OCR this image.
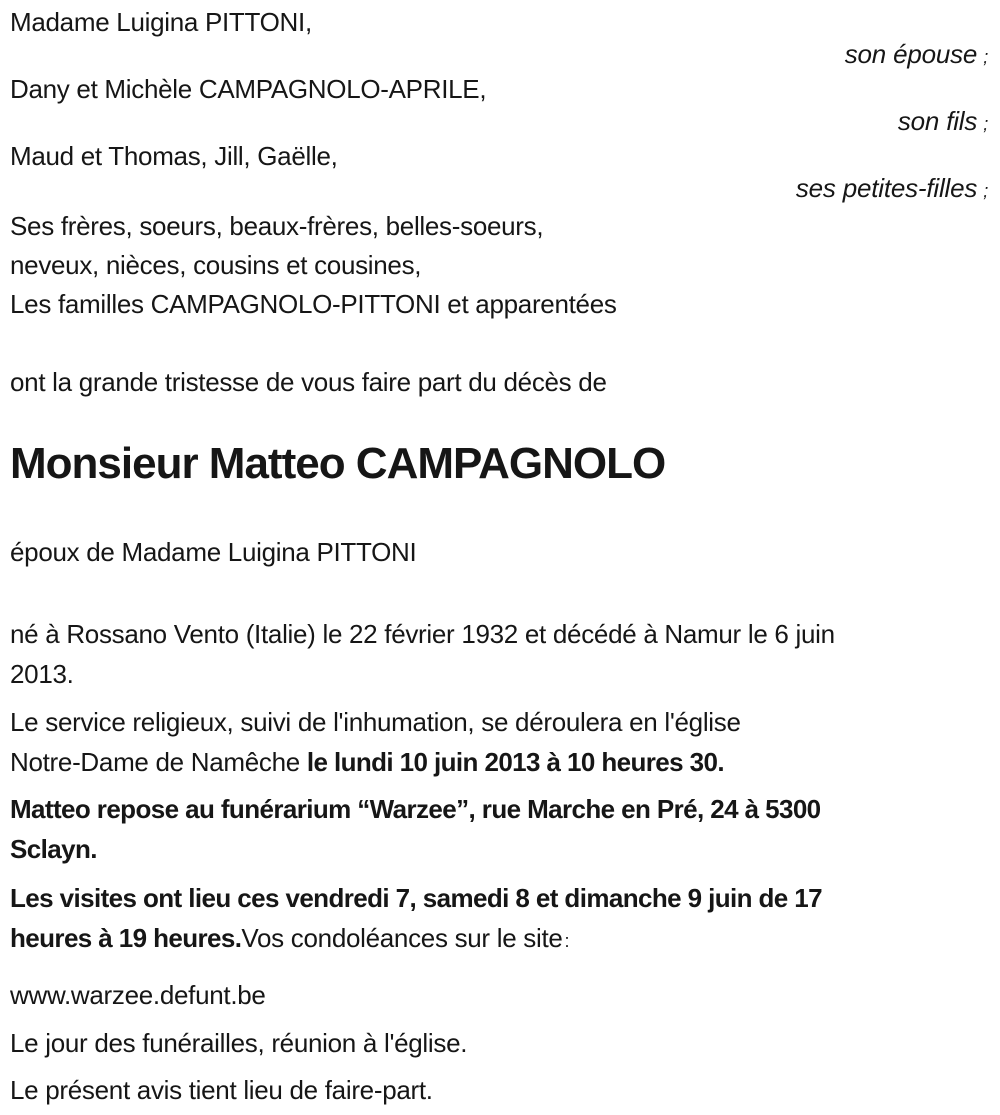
Madame Luigina PITTONI,
son épouse ;
Dany et Michèle CAMPAGNOLO-APRILE,
son fils ;
Maud et Thomas, Jill, Gaëlle,
ses petites-filles ;
Ses frères, soeurs, beaux-frères, belles-soeurs,
neveux, nièces, cousins et cousines,
Les familles CAMPAGNOLO-PITTONI et apparentées
ont la grande tristesse de vous faire part du décès de
Monsieur Matteo CAMPAGNOLO
époux de Madame Luigina PITTONI
né à Rossano Vento (Italie) le 22 février 1932 et décédé à Namur le 6 juin
2013.
Le service religieux, suivi de l'inhumation, se déroulera en l'église
Notre-Dame de Namêche le lundi 10 juin 2013 à 10 heures 30.
Matteo repose au funérarium “Warzee”, rue Marche en Pré, 24 à 5300
Sclayn.
Les visites ont lieu ces vendredi 7, samedi 8 et dimanche 9 juin de 17
heures à 19 heures.Vos condoléances sur le site :
www.warzee.defunt.be
Le jour des funérailles, réunion à l'église.
Le présent avis tient lieu de faire-part.
